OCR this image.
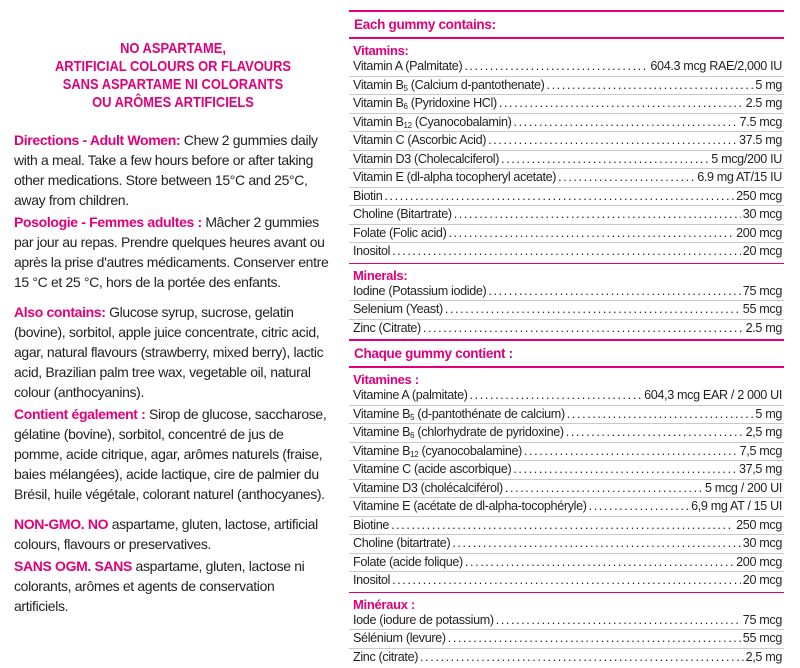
NO ASPARTAME,
ARTIFICIAL COLOURS OR FLAVOURS
SANS ASPARTAME NI COLORANTS
OU ARÔMES ARTIFICIELS

Directions - Adult Women: Chew 2 gummies daily with a meal. Take a few hours before or after taking other medications. Store between 15°C and 25°C, away from children.

Posologie - Femmes adultes : Mâcher 2 gummies par jour au repas. Prendre quelques heures avant ou après la prise d'autres médicaments. Conserver entre 15 °C et 25 °C, hors de la portée des enfants.

Also contains: Glucose syrup, sucrose, gelatin (bovine), sorbitol, apple juice concentrate, citric acid, agar, natural flavours (strawberry, mixed berry), lactic acid, Brazilian palm tree wax, vegetable oil, natural colour (anthocyanins).

Contient également : Sirop de glucose, saccharose, gélatine (bovine), sorbitol, concentré de jus de pomme, acide citrique, agar, arômes naturels (fraise, baies mélangées), acide lactique, cire de palmier du Brésil, huile végétale, colorant naturel (anthocyanes).

NON-GMO. NO aspartame, gluten, lactose, artificial colours, flavours or preservatives.

SANS OGM. SANS aspartame, gluten, lactose ni colorants, arômes et agents de conservation artificiels.

Each gummy contains:
Vitamins:
Vitamin A (Palmitate) .....	604.3 mcg RAE/2,000 IU
Vitamin $B_5$ (Calcium d-pantothenate) .....	5 mg
Vitamin $B_6$ (Pyridoxine HCl) .....	2.5 mg
Vitamin $B_{12}$ (Cyanocobalamin) .....	7.5 mcg
Vitamin C (Ascorbic Acid) .....	37.5 mg
Vitamin D3 (Cholecalciferol) .....	5 mcg/200 IU
Vitamin E (dl-alpha tocopheryl acetate) .....	6.9 mg AT/15 IU
Biotin .....	250 mcg
Choline (Bitartrate) .....	30 mcg
Folate (Folic acid) .....	200 mcg
Inositol .....	20 mcg
Minerals:
Iodine (Potassium iodide) .....	75 mcg
Selenium (Yeast) .....	55 mcg
Zinc (Citrate) .....	2.5 mg
Chaque gummy contient :
Vitamines :
Vitamine A (palmitate) .....	604,3 mcg EAR / 2 000 UI
Vitamine $B_5$ (d-pantothénate de calcium) .....	5 mg
Vitamine $B_6$ (chlorhydrate de pyridoxine) .....	2,5 mg
Vitamine $B_{12}$ (cyanocobalamine) .....	7,5 mcg
Vitamine C (acide ascorbique) .....	37,5 mg
Vitamine D3 (cholécalciférol) .....	5 mcg / 200 UI
Vitamine E (acétate de dl-alpha-tocophéryle) .....	6,9 mg AT / 15 UI
Biotine .....	250 mcg
Choline (bitartrate) .....	30 mcg
Folate (acide folique) .....	200 mcg
Inositol .....	20 mcg
Minéraux :
Iode (iodure de potassium) .....	75 mcg
Sélénium (levure) .....	55 mcg
Zinc (citrate) .....	2,5 mg
